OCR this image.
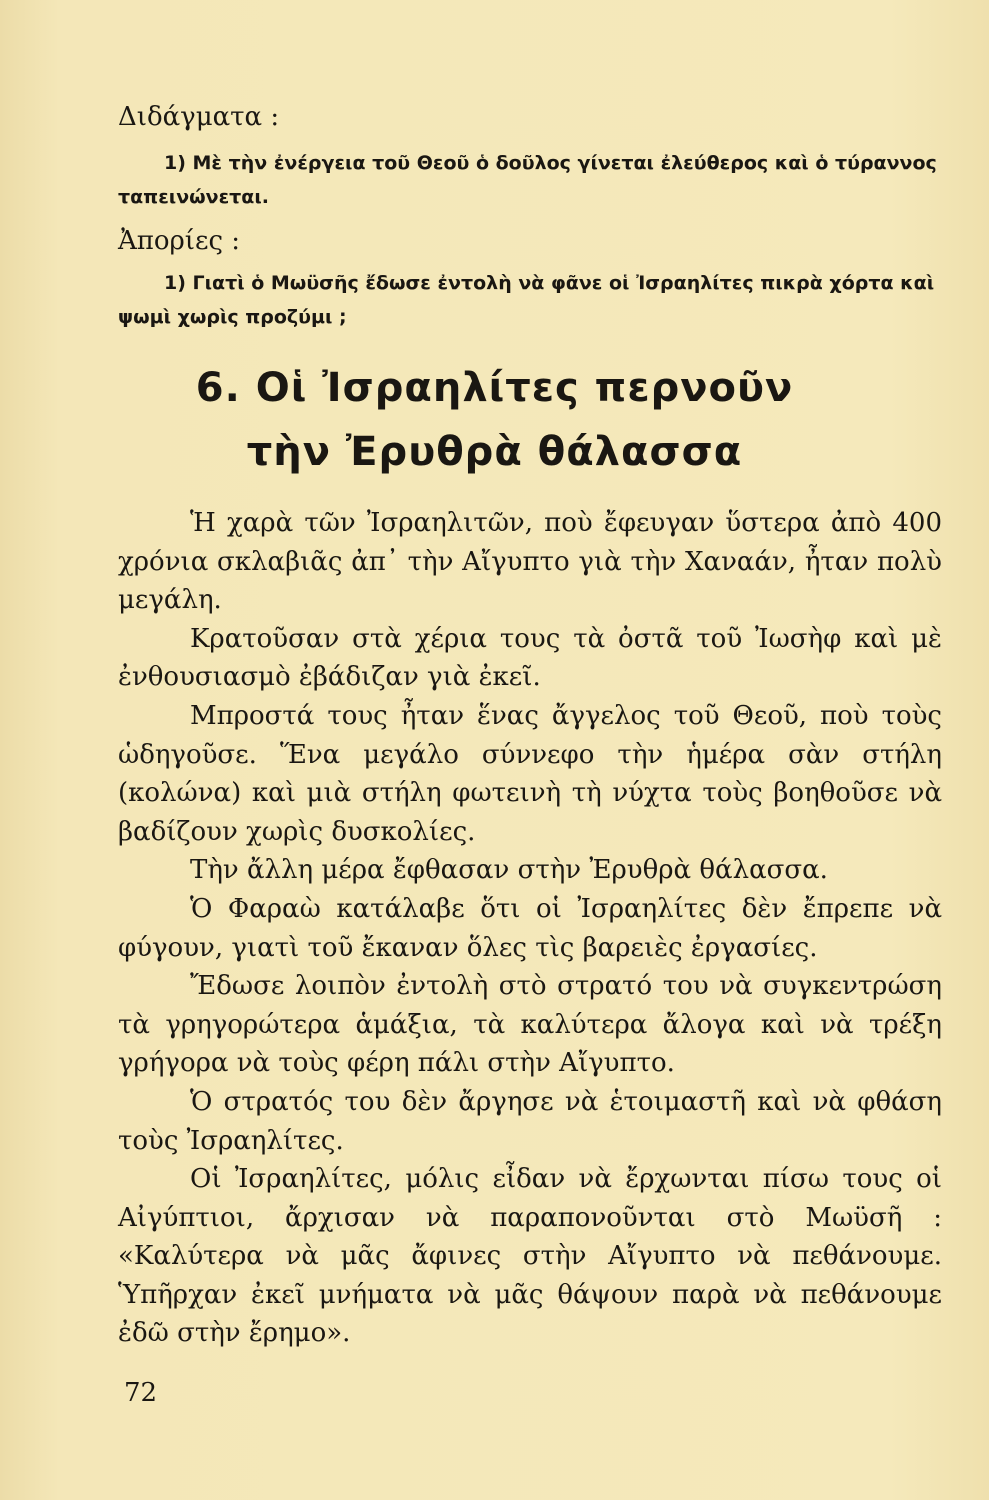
Διδάγματα :
1) Μὲ τὴν ἐνέργεια τοῦ Θεοῦ ὁ δοῦλος γίνεται ἐλεύθερος καὶ ὁ τύραννος ταπεινώνεται.
Ἀπορίες :
1) Γιατὶ ὁ Μωϋσῆς ἔδωσε ἐντολὴ νὰ φᾶνε οἱ Ἰσραηλίτες πικρὰ χόρτα καὶ ψωμὶ χωρὶς προζύμι ;
6. Οἱ Ἰσραηλίτες περνοῦν
τὴν Ἐρυθρὰ θάλασσα

Ἡ χαρὰ τῶν Ἰσραηλιτῶν, ποὺ ἔφευγαν ὕστερα ἀπὸ 400 χρόνια σκλαβιᾶς ἀπ᾽ τὴν Αἴγυπτο γιὰ τὴν Χαναάν, ἦταν πολὺ μεγάλη.

Κρατοῦσαν στὰ χέρια τους τὰ ὀστᾶ τοῦ Ἰωσὴφ καὶ μὲ ἐνθουσιασμὸ ἐβάδιζαν γιὰ ἐκεῖ.

Μπροστά τους ἦταν ἕνας ἄγγελος τοῦ Θεοῦ, ποὺ τοὺς ὡδηγοῦσε. Ἕνα μεγάλο σύννεφο τὴν ἡμέρα σὰν στήλη (κολώνα) καὶ μιὰ στήλη φωτεινὴ τὴ νύχτα τοὺς βοηθοῦσε νὰ βαδίζουν χωρὶς δυσκολίες.

Τὴν ἄλλη μέρα ἔφθασαν στὴν Ἐρυθρὰ θάλασσα.

Ὁ Φαραὼ κατάλαβε ὅτι οἱ Ἰσραηλίτες δὲν ἔπρεπε νὰ φύγουν, γιατὶ τοῦ ἔκαναν ὅλες τὶς βαρειὲς ἐργασίες.

Ἔδωσε λοιπὸν ἐντολὴ στὸ στρατό του νὰ συγκεντρώση τὰ γρηγορώτερα ἁμάξια, τὰ καλύτερα ἄλογα καὶ νὰ τρέξη γρήγορα νὰ τοὺς φέρη πάλι στὴν Αἴγυπτο.

Ὁ στρατός του δὲν ἄργησε νὰ ἑτοιμαστῆ καὶ νὰ φθάση τοὺς Ἰσραηλίτες.

Οἱ Ἰσραηλίτες, μόλις εἶδαν νὰ ἔρχωνται πίσω τους οἱ Αἰγύπτιοι, ἄρχισαν νὰ παραπονοῦνται στὸ Μωϋσῆ : «Καλύτερα νὰ μᾶς ἄφινες στὴν Αἴγυπτο νὰ πεθάνουμε. Ὑπῆρχαν ἐκεῖ μνήματα νὰ μᾶς θάψουν παρὰ νὰ πεθάνουμε ἐδῶ στὴν ἔρημο».

72
